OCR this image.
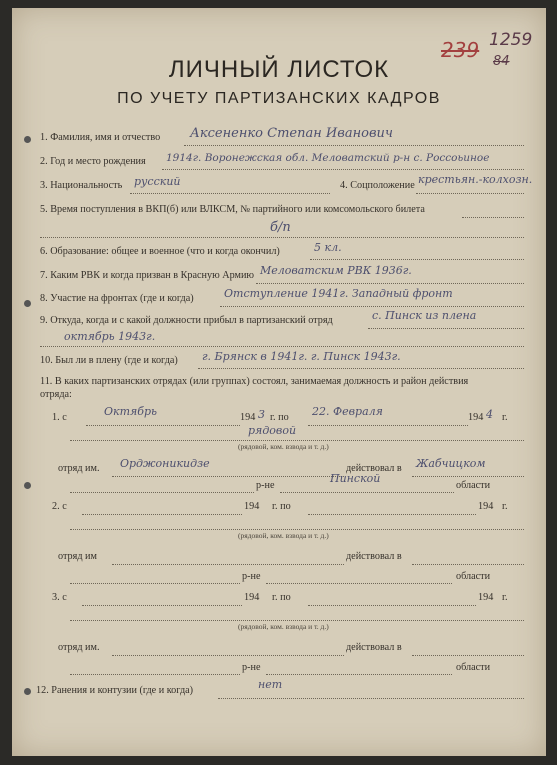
1259
239 84
ЛИЧНЫЙ ЛИСТОК
ПО УЧЕТУ ПАРТИЗАНСКИХ КАДРОВ
1. Фамилия, имя и отчество Аксененко Степан Иванович
2. Год и место рождения 1914г. Воронежская обл. Меловатский р-н с. Россоьиное
3. Национальность русский	4. Соцположение крестьян.-колхозн.
5. Время поступления в ВКП(б) или ВЛКСМ, № партийного или комсомольского билета
б/п
6. Образование: общее и военное (что и когда окончил)	5 кл.
7. Каким РВК и когда призван в Красную Армию Меловатским РВК 1936г.
8. Участие на фронтах (где и когда)	Отступление 1941г. Западный фронт
9. Откуда, когда и с какой должности прибыл в партизанский отряд	с. Пинск из плена
октябрь 1943г.
10. Был ли в плену (где и когда) г. Брянск в 1941г. г. Пинск 1943г.
11. В каких партизанских отрядах (или группах) состоял, занимаемая должность и район действия
отряда:
1. с	Октябрь	194 3 г. по 22. Февраля	194 4 г.
рядовой
(рядовой, ком. взвода и т. д.)
отряд им. Орджоникидзе	действовал в Жабчицком
р-не
Пинской
области
2. с	194 г. по	194 г.
(рядовой, ком. взвода и т. д.)
отряд им	действовал в
р-не	области
3. с	194 г. по	194 г.
(рядовой, ком. взвода и т. д.)
отряд им.	действовал в
р-не	области
12. Ранения и контузии (где и когда)	нет
